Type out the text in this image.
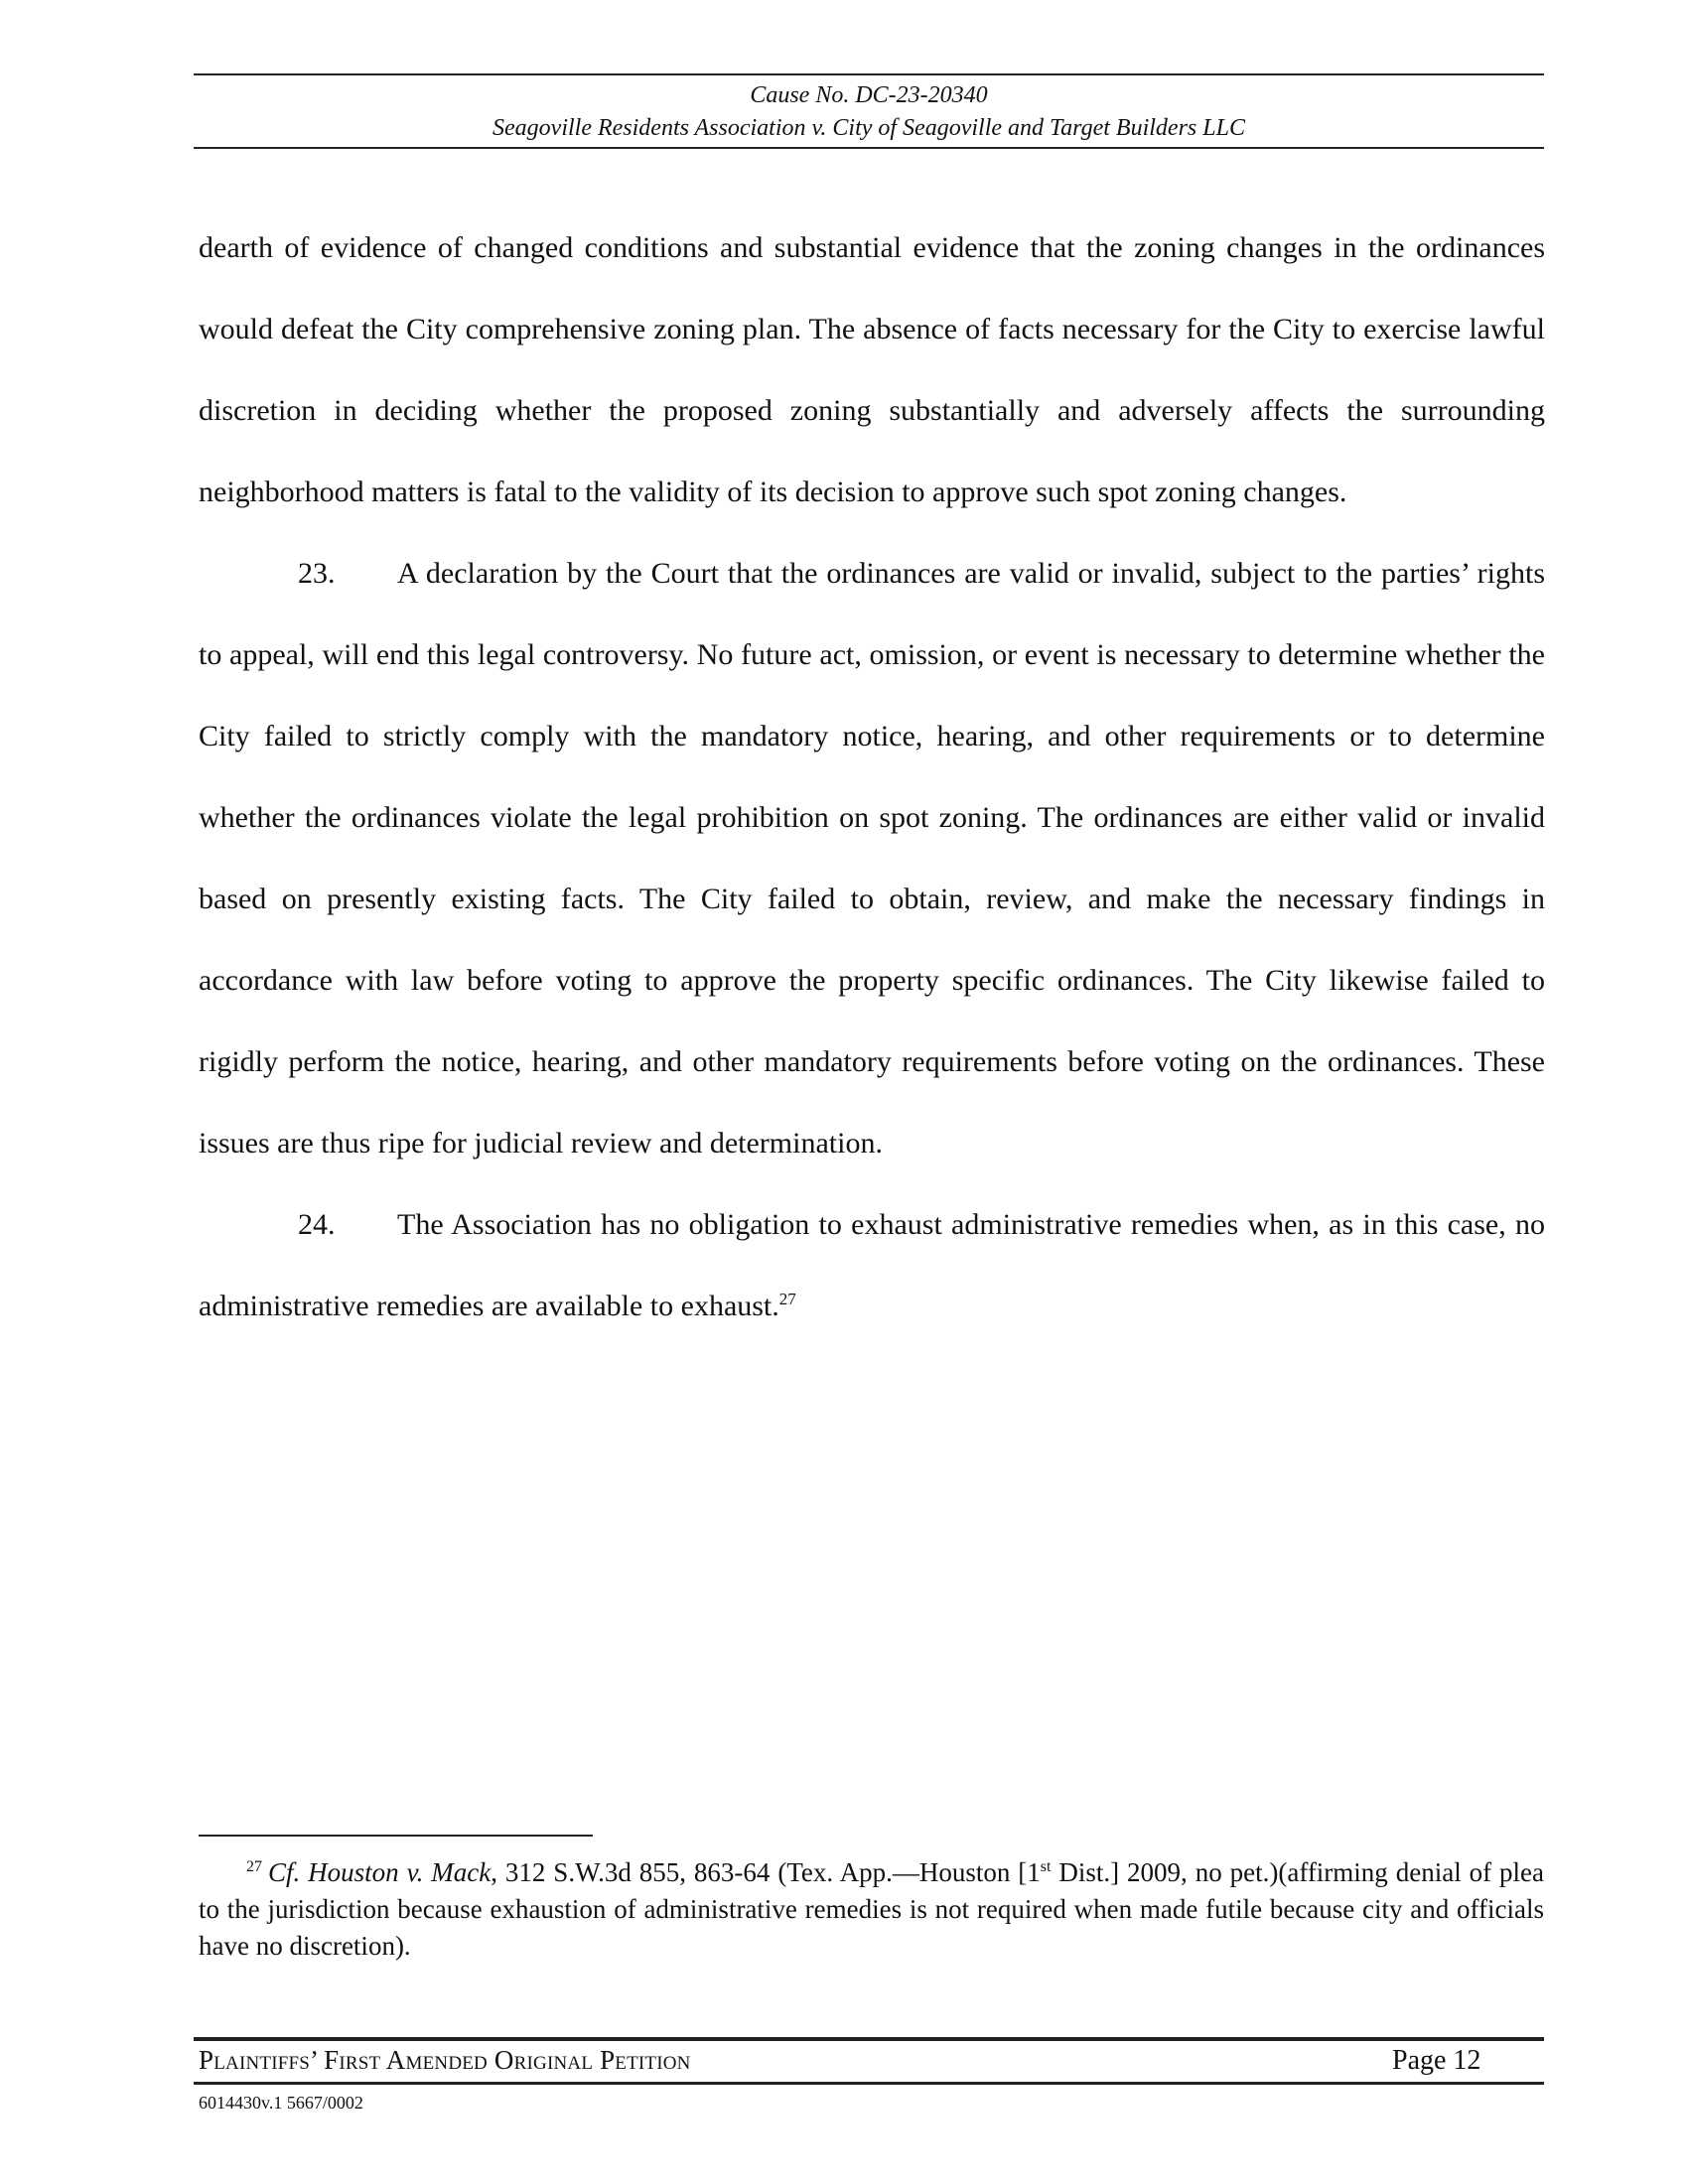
Cause No. DC-23-20340
Seagoville Residents Association v. City of Seagoville and Target Builders LLC

dearth of evidence of changed conditions and substantial evidence that the zoning changes in the ordinances would defeat the City comprehensive zoning plan. The absence of facts necessary for the City to exercise lawful discretion in deciding whether the proposed zoning substantially and adversely affects the surrounding neighborhood matters is fatal to the validity of its decision to approve such spot zoning changes.

23. A declaration by the Court that the ordinances are valid or invalid, subject to the parties’ rights to appeal, will end this legal controversy. No future act, omission, or event is necessary to determine whether the City failed to strictly comply with the mandatory notice, hearing, and other requirements or to determine whether the ordinances violate the legal prohibition on spot zoning. The ordinances are either valid or invalid based on presently existing facts. The City failed to obtain, review, and make the necessary findings in accordance with law before voting to approve the property specific ordinances. The City likewise failed to rigidly perform the notice, hearing, and other mandatory requirements before voting on the ordinances. These issues are thus ripe for judicial review and determination.

24. The Association has no obligation to exhaust administrative remedies when, as in this case, no administrative remedies are available to exhaust.$^{27}$

$^{27}$ Cf. Houston v. Mack, 312 S.W.3d 855, 863-64 (Tex. App.—Houston [1st Dist.] 2009, no pet.)(affirming denial of plea to the jurisdiction because exhaustion of administrative remedies is not required when made futile because city and officials have no discretion).
Plaintiffs’ First Amended Original Petition	Page 12
6014430v.1 5667/0002
